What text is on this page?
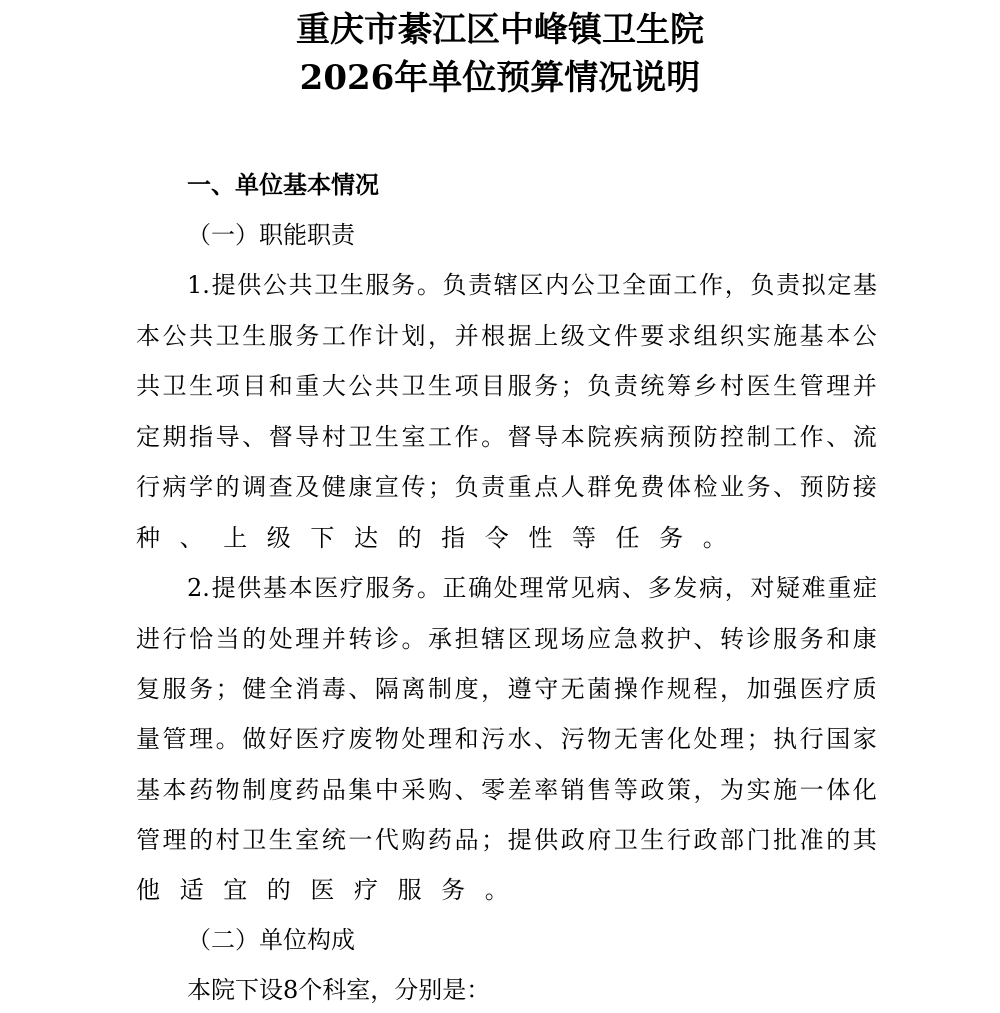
重庆市綦江区中峰镇卫生院
2026年单位预算情况说明
一、单位基本情况
（一）职能职责
1. 提 供 公 共 卫 生 服 务 。 负 责 辖 区 内 公 卫 全 面 工 作 ， 负 责 拟 定 基
本 公 共 卫 生 服 务 工 作 计 划 ， 并 根 据 上 级 文 件 要 求 组 织 实 施 基 本 公
共 卫 生 项 目 和 重 大 公 共 卫 生 项 目 服 务 ； 负 责 统 筹 乡 村 医 生 管 理 并
定 期 指 导 、 督 导 村 卫 生 室 工 作 。 督 导 本 院 疾 病 预 防 控 制 工 作 、 流
行 病 学 的 调 查 及 健 康 宣 传 ； 负 责 重 点 人 群 免 费 体 检 业 务 、 预 防 接
种 、 上 级 下 达 的 指 令 性 等 任 务 。
2. 提 供 基 本 医 疗 服 务 。 正 确 处 理 常 见 病 、 多 发 病 ， 对 疑 难 重 症
进 行 恰 当 的 处 理 并 转 诊 。 承 担 辖 区 现 场 应 急 救 护 、 转 诊 服 务 和 康
复 服 务 ； 健 全 消 毒 、 隔 离 制 度 ， 遵 守 无 菌 操 作 规 程 ， 加 强 医 疗 质
量 管 理 。 做 好 医 疗 废 物 处 理 和 污 水 、 污 物 无 害 化 处 理 ； 执 行 国 家
基 本 药 物 制 度 药 品 集 中 采 购 、 零 差 率 销 售 等 政 策 ， 为 实 施 一 体 化
管 理 的 村 卫 生 室 统 一 代 购 药 品 ； 提 供 政 府 卫 生 行 政 部 门 批 准 的 其
他 适 宜 的 医 疗 服 务 。
（二）单位构成
本院下设8个科室，分别是：
